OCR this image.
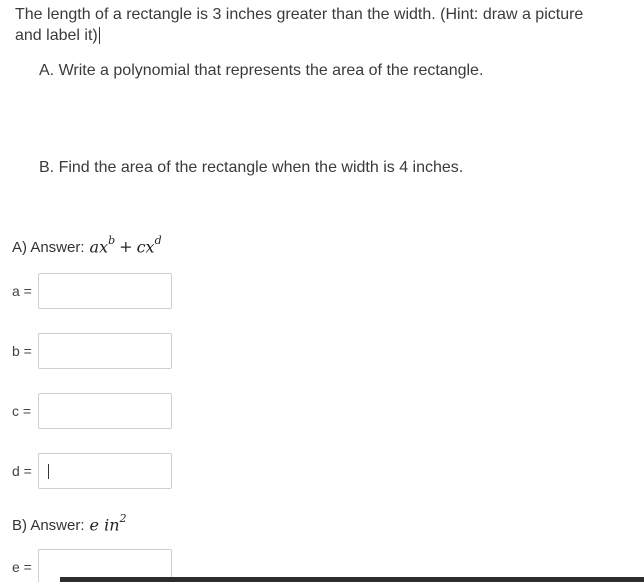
The length of a rectangle is 3 inches greater than the width. (Hint: draw a picture
and label it)
A. Write a polynomial that represents the area of the rectangle.
B. Find the area of the rectangle when the width is 4 inches.
A) Answer: $ax^b + cx^d$
a =
b =
c =
d =
B) Answer: e $in^2$
e =
